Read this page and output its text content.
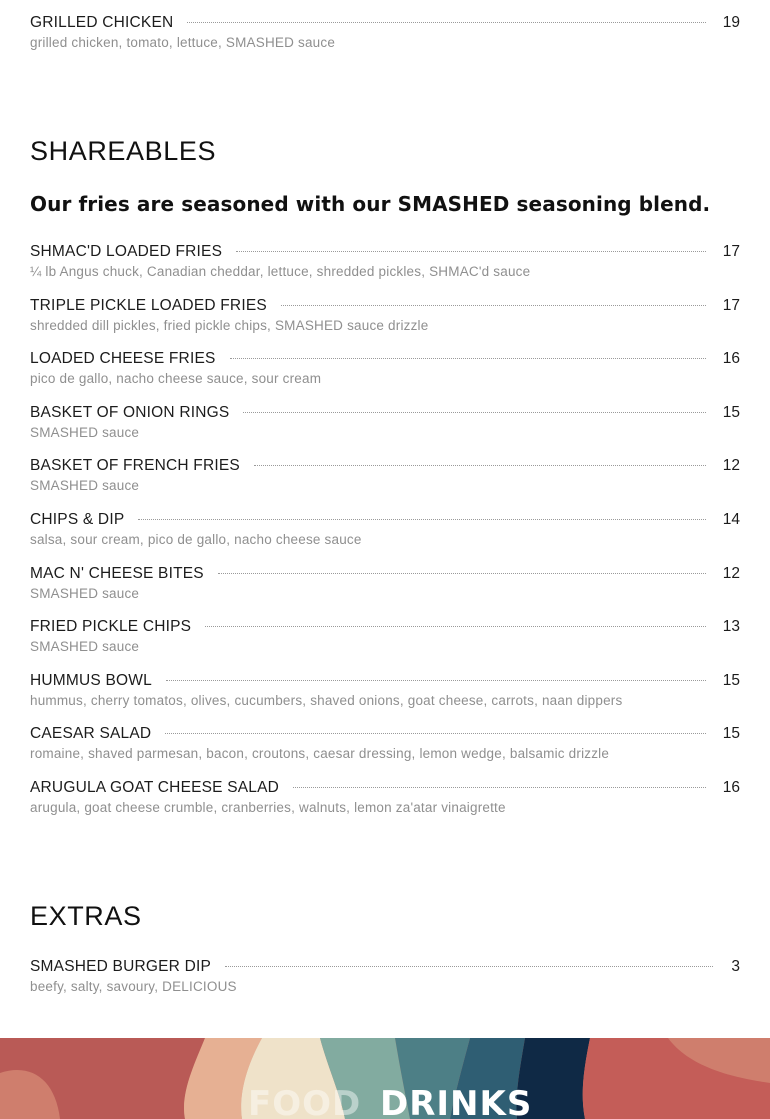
GRILLED CHICKEN	19
grilled chicken, tomato, lettuce, SMASHED sauce
SHAREABLES
Our fries are seasoned with our SMASHED seasoning blend.
SHMAC'D LOADED FRIES	17
¼ lb Angus chuck, Canadian cheddar, lettuce, shredded pickles, SHMAC'd sauce
TRIPLE PICKLE LOADED FRIES	17
shredded dill pickles, fried pickle chips, SMASHED sauce drizzle
LOADED CHEESE FRIES	16
pico de gallo, nacho cheese sauce, sour cream
BASKET OF ONION RINGS	15
SMASHED sauce
BASKET OF FRENCH FRIES	12
SMASHED sauce
CHIPS & DIP	14
salsa, sour cream, pico de gallo, nacho cheese sauce
MAC N' CHEESE BITES	12
SMASHED sauce
FRIED PICKLE CHIPS	13
SMASHED sauce
HUMMUS BOWL	15
hummus, cherry tomatos, olives, cucumbers, shaved onions, goat cheese, carrots, naan dippers
CAESAR SALAD	15
romaine, shaved parmesan, bacon, croutons, caesar dressing, lemon wedge, balsamic drizzle
ARUGULA GOAT CHEESE SALAD	16
arugula, goat cheese crumble, cranberries, walnuts, lemon za'atar vinaigrette
EXTRAS
SMASHED BURGER DIP	3
beefy, salty, savoury, DELICIOUS
FOOD DRINKS
